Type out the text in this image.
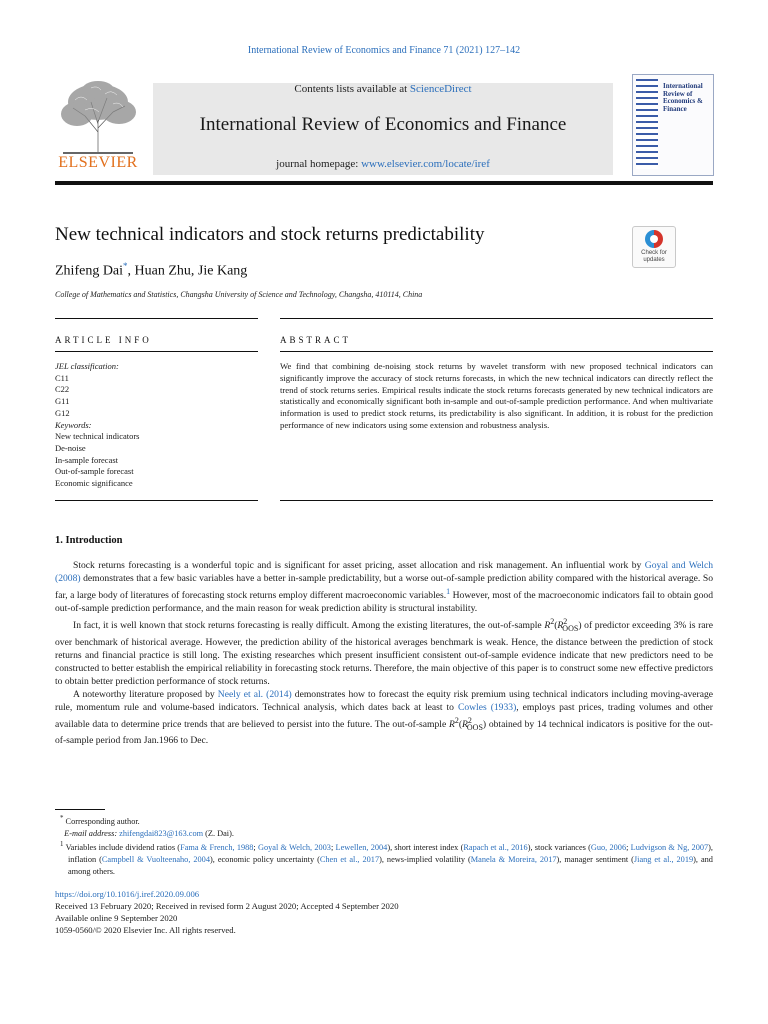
International Review of Economics and Finance 71 (2021) 127–142
ELSEVIER
Contents lists available at ScienceDirect
International Review of Economics and Finance
journal homepage: www.elsevier.com/locate/iref
International Review of Economics & Finance
New technical indicators and stock returns predictability
Check for updates
Zhifeng Dai*, Huan Zhu, Jie Kang
College of Mathematics and Statistics, Changsha University of Science and Technology, Changsha, 410114, China
ARTICLE INFO	ABSTRACT
JEL classification:
C11
C22
G11
G12
Keywords:
New technical indicators
De-noise
In-sample forecast
Out-of-sample forecast
Economic significance
We find that combining de-noising stock returns by wavelet transform with new proposed technical indicators can significantly improve the accuracy of stock returns forecasts, in which the new technical indicators can directly reflect the trend of stock returns series. Empirical results indicate the stock returns forecasts generated by new technical indicators are statistically and economically significant both in-sample and out-of-sample prediction performance. And when multivariate information is used to predict stock returns, its predictability is also significant. In addition, it is robust for the prediction performance of new indicators using some extension and robustness analysis.
1. Introduction

Stock returns forecasting is a wonderful topic and is significant for asset pricing, asset allocation and risk management. An influential work by Goyal and Welch (2008) demonstrates that a few basic variables have a better in-sample predictability, but a worse out-of-sample prediction ability compared with the historical average. So far, a large body of literatures of forecasting stock returns employ different macroeconomic variables.$^1$ However, most of the macroeconomic indicators fail to obtain good out-of-sample prediction performance, and the main reason for weak prediction ability is structural instability.

In fact, it is well known that stock returns forecasting is really difficult. Among the existing literatures, the out-of-sample $R^2(R^2_{OOS})$ of predictor exceeding 3% is rare over benchmark of historical average. However, the prediction ability of the historical averages benchmark is weak. Hence, the distance between the prediction of stock returns and financial practice is still long. The existing researches which present insufficient consistent out-of-sample evidence indicate that new predictors need to be constructed to better establish the empirical reliability in forecasting stock returns. Therefore, the main objective of this paper is to construct some new effective predictors to obtain better prediction performance of stock returns.

A noteworthy literature proposed by Neely et al. (2014) demonstrates how to forecast the equity risk premium using technical indicators including moving-average rule, momentum rule and volume-based indicators. Technical analysis, which dates back at least to Cowles (1933), employs past prices, trading volumes and other available data to determine price trends that are believed to persist into the future. The out-of-sample $R^2(R^2_{OOS})$ obtained by 14 technical indicators is positive for the out-of-sample period from Jan.1966 to Dec.

* Corresponding author.
E-mail address: zhifengdai823@163.com (Z. Dai).
$^1$ Variables include dividend ratios (Fama & French, 1988; Goyal & Welch, 2003; Lewellen, 2004), short interest index (Rapach et al., 2016), stock variances (Guo, 2006; Ludvigson & Ng, 2007), inflation (Campbell & Vuolteenaho, 2004), economic policy uncertainty (Chen et al., 2017), news-implied volatility (Manela & Moreira, 2017), manager sentiment (Jiang et al., 2019), and among others.
https://doi.org/10.1016/j.iref.2020.09.006
Received 13 February 2020; Received in revised form 2 August 2020; Accepted 4 September 2020
Available online 9 September 2020
1059-0560/© 2020 Elsevier Inc. All rights reserved.
